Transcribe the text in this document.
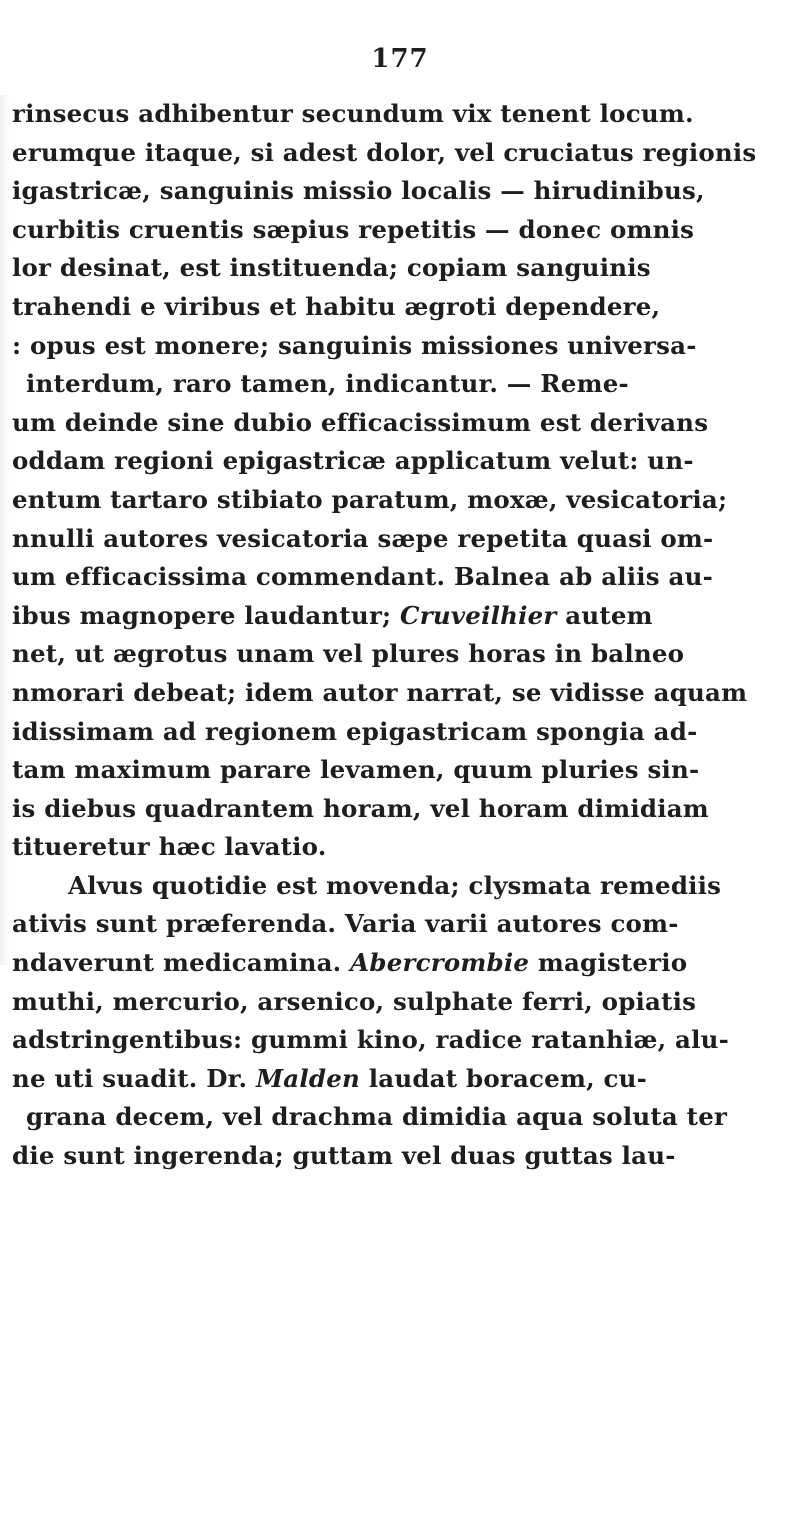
177
rinsecus adhibentur secundum vix tenent locum.
erumque itaque, si adest dolor, vel cruciatus regionis
igastricæ, sanguinis missio localis — hirudinibus,
curbitis cruentis sæpius repetitis — donec omnis
lor desinat, est instituenda; copiam sanguinis
trahendi e viribus et habitu ægroti dependere,
: opus est monere; sanguinis missiones universa-
interdum, raro tamen, indicantur. — Reme-
um deinde sine dubio efficacissimum est derivans
oddam regioni epigastricæ applicatum velut: un-
entum tartaro stibiato paratum, moxæ, vesicatoria;
nnulli autores vesicatoria sæpe repetita quasi om-
um efficacissima commendant. Balnea ab aliis au-
ibus magnopere laudantur; Cruveilhier autem
net, ut ægrotus unam vel plures horas in balneo
nmorari debeat; idem autor narrat, se vidisse aquam
idissimam ad regionem epigastricam spongia ad-
tam maximum parare levamen, quum pluries sin-
is diebus quadrantem horam, vel horam dimidiam
titueretur hæc lavatio.
Alvus quotidie est movenda; clysmata remediis
ativis sunt præferenda. Varia varii autores com-
ndaverunt medicamina. Abercrombie magisterio
muthi, mercurio, arsenico, sulphate ferri, opiatis
adstringentibus: gummi kino, radice ratanhiæ, alu-
ne uti suadit. Dr. Malden laudat boracem, cu-
grana decem, vel drachma dimidia aqua soluta ter
die sunt ingerenda; guttam vel duas guttas lau-
